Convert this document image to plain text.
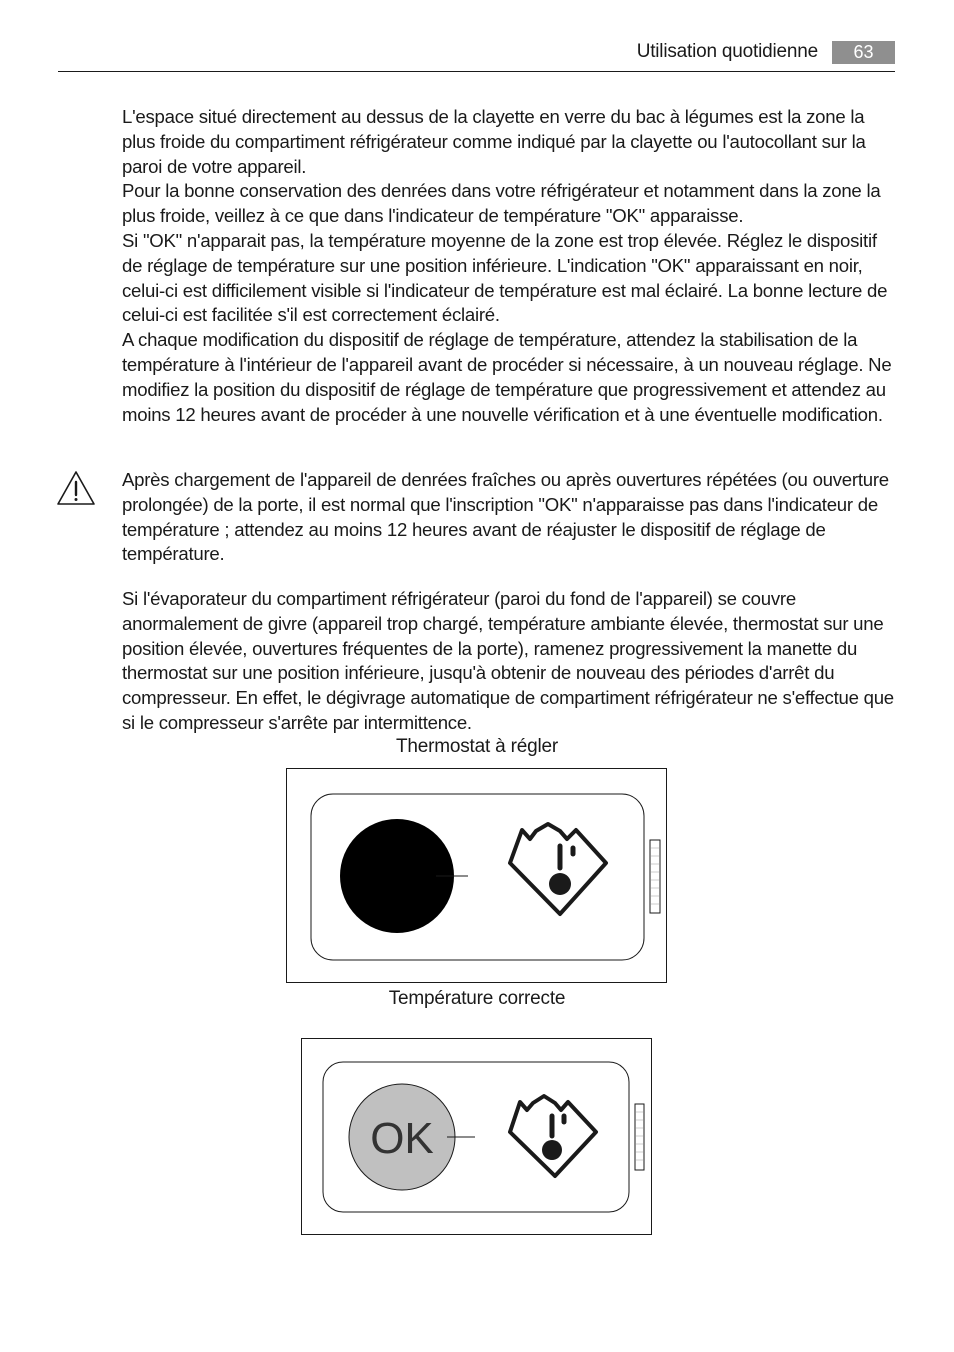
Utilisation quotidienne	63

L'espace situé directement au dessus de la clayette en verre du bac à légumes est la zone la plus froide du compartiment réfrigérateur comme indiqué par la clayette ou l'autocollant sur la paroi de votre appareil.

Pour la bonne conservation des denrées dans votre réfrigérateur et notamment dans la zone la plus froide, veillez à ce que dans l'indicateur de température "OK" apparaisse.

Si "OK" n'apparait pas, la température moyenne de la zone est trop élevée. Réglez le dispositif de réglage de température sur une position inférieure. L'indication "OK" apparaissant en noir, celui-ci est difficilement visible si l'indicateur de température est mal éclairé. La bonne lecture de celui-ci est facilitée s'il est correctement éclairé.

A chaque modification du dispositif de réglage de température, attendez la stabilisation de la température à l'intérieur de l'appareil avant de procéder si nécessaire, à un nouveau réglage. Ne modifiez la position du dispositif de réglage de température que progressivement et attendez au moins 12 heures avant de procéder à une nouvelle vérification et à une éventuelle modification.

Après chargement de l'appareil de denrées fraîches ou après ouvertures répétées (ou ouverture prolongée) de la porte, il est normal que l'inscription "OK" n'apparaisse pas dans l'indicateur de température ; attendez au moins 12 heures avant de réajuster le dispositif de réglage de température.

Si l'évaporateur du compartiment réfrigérateur (paroi du fond de l'appareil) se couvre anormalement de givre (appareil trop chargé, température ambiante élevée, thermostat sur une position élevée, ouvertures fréquentes de la porte), ramenez progressivement la manette du thermostat sur une position inférieure, jusqu'à obtenir de nouveau des périodes d'arrêt du compresseur. En effet, le dégivrage automatique de compartiment réfrigérateur ne s'effectue que si le compresseur s'arrête par intermittence.

Thermostat à régler
Température correcte
OK
